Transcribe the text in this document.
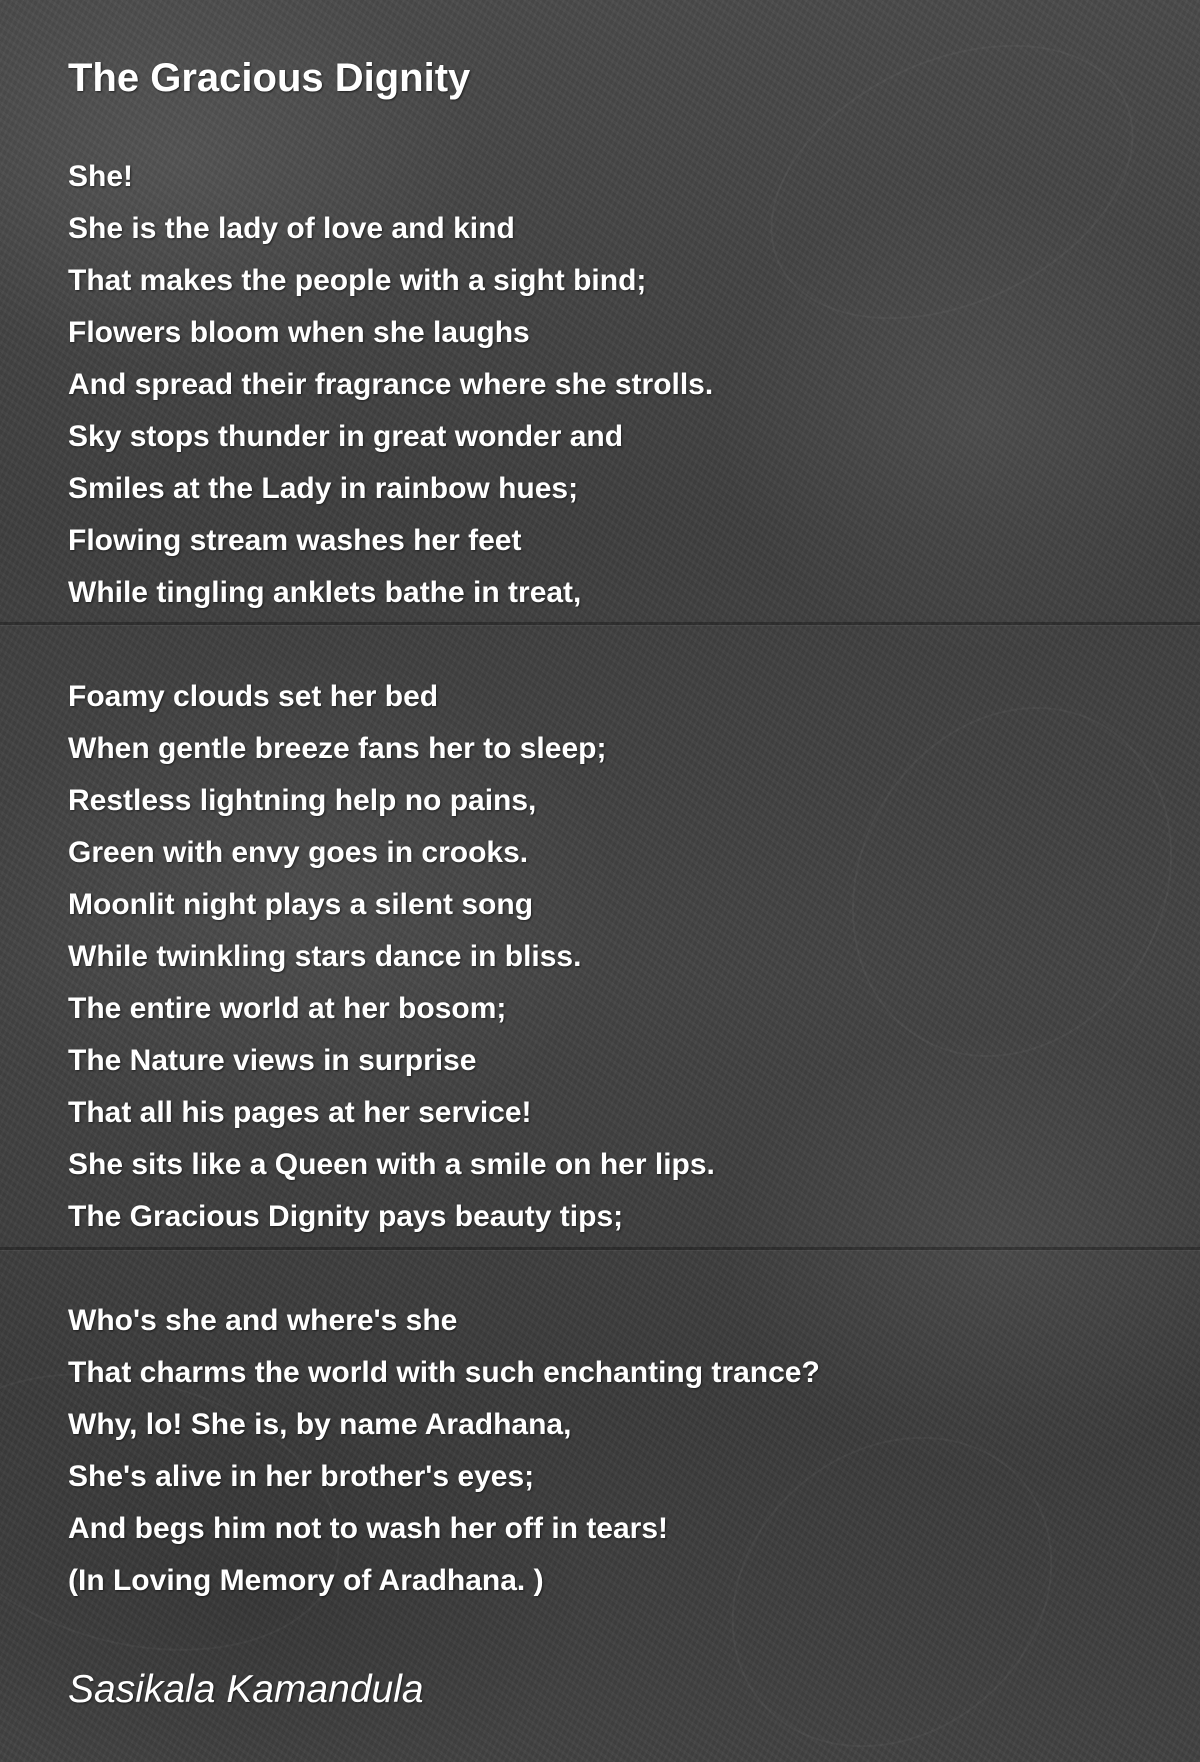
The Gracious Dignity
She!
She is the lady of love and kind
That makes the people with a sight bind;
Flowers bloom when she laughs
And spread their fragrance where she strolls.
Sky stops thunder in great wonder and
Smiles at the Lady in rainbow hues;
Flowing stream washes her feet
While tingling anklets bathe in treat,
Foamy clouds set her bed
When gentle breeze fans her to sleep;
Restless lightning help no pains,
Green with envy goes in crooks.
Moonlit night plays a silent song
While twinkling stars dance in bliss.
The entire world at her bosom;
The Nature views in surprise
That all his pages at her service!
She sits like a Queen with a smile on her lips.
The Gracious Dignity pays beauty tips;
Who's she and where's she
That charms the world with such enchanting trance?
Why, lo! She is, by name Aradhana,
She's alive in her brother's eyes;
And begs him not to wash her off in tears!
(In Loving Memory of Aradhana. )
Sasikala Kamandula
